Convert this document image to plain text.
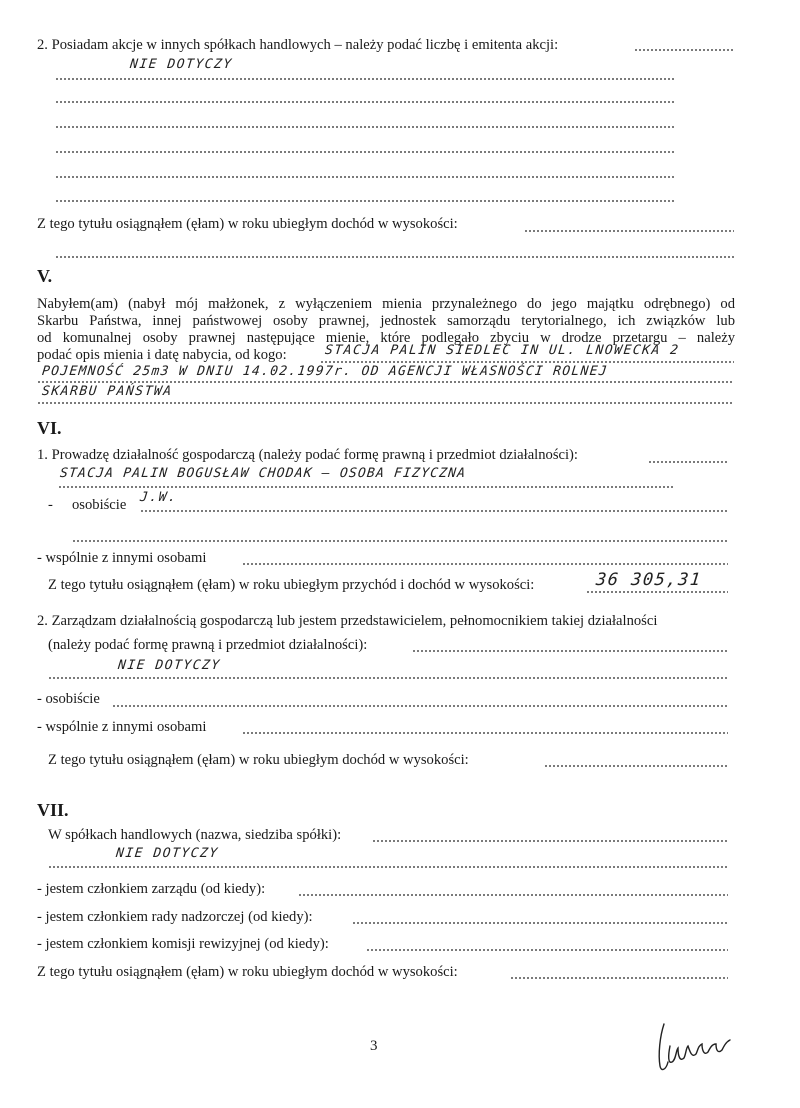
2. Posiadam akcje w innych spółkach handlowych – należy podać liczbę i emitenta akcji:
NIE DOTYCZY
Z tego tytułu osiągnąłem (ęłam) w roku ubiegłym dochód w wysokości:
V.
Nabyłem(am) (nabył mój małżonek, z wyłączeniem mienia przynależnego do jego majątku odrębnego) od
Skarbu Państwa, innej państwowej osoby prawnej, jednostek samorządu terytorialnego, ich związków lub
od komunalnej osoby prawnej następujące mienie, które podlegało zbyciu w drodze przetargu – należy
podać opis mienia i datę nabycia, od kogo:	STACJA PALIN SIEDLEC IN UL. LNOWECKA 2
POJEMNOŚĆ 25m3 W DNIU 14.02.1997r. OD AGENCJI WŁASNOŚCI ROLNEJ
SKARBU PAŃSTWA
VI.
1. Prowadzę działalność gospodarczą (należy podać formę prawną i przedmiot działalności):
STACJA PALIN BOGUSŁAW CHODAK – OSOBA FIZYCZNA
- osobiście J.W.
- wspólnie z innymi osobami
Z tego tytułu osiągnąłem (ęłam) w roku ubiegłym przychód i dochód w wysokości:	36 305,31
2. Zarządzam działalnością gospodarczą lub jestem przedstawicielem, pełnomocnikiem takiej działalności
(należy podać formę prawną i przedmiot działalności):
NIE DOTYCZY
- osobiście
- wspólnie z innymi osobami
Z tego tytułu osiągnąłem (ęłam) w roku ubiegłym dochód w wysokości:
VII.
W spółkach handlowych (nazwa, siedziba spółki):
NIE DOTYCZY
- jestem członkiem zarządu (od kiedy):
- jestem członkiem rady nadzorczej (od kiedy):
- jestem członkiem komisji rewizyjnej (od kiedy):
Z tego tytułu osiągnąłem (ęłam) w roku ubiegłym dochód w wysokości:
3
